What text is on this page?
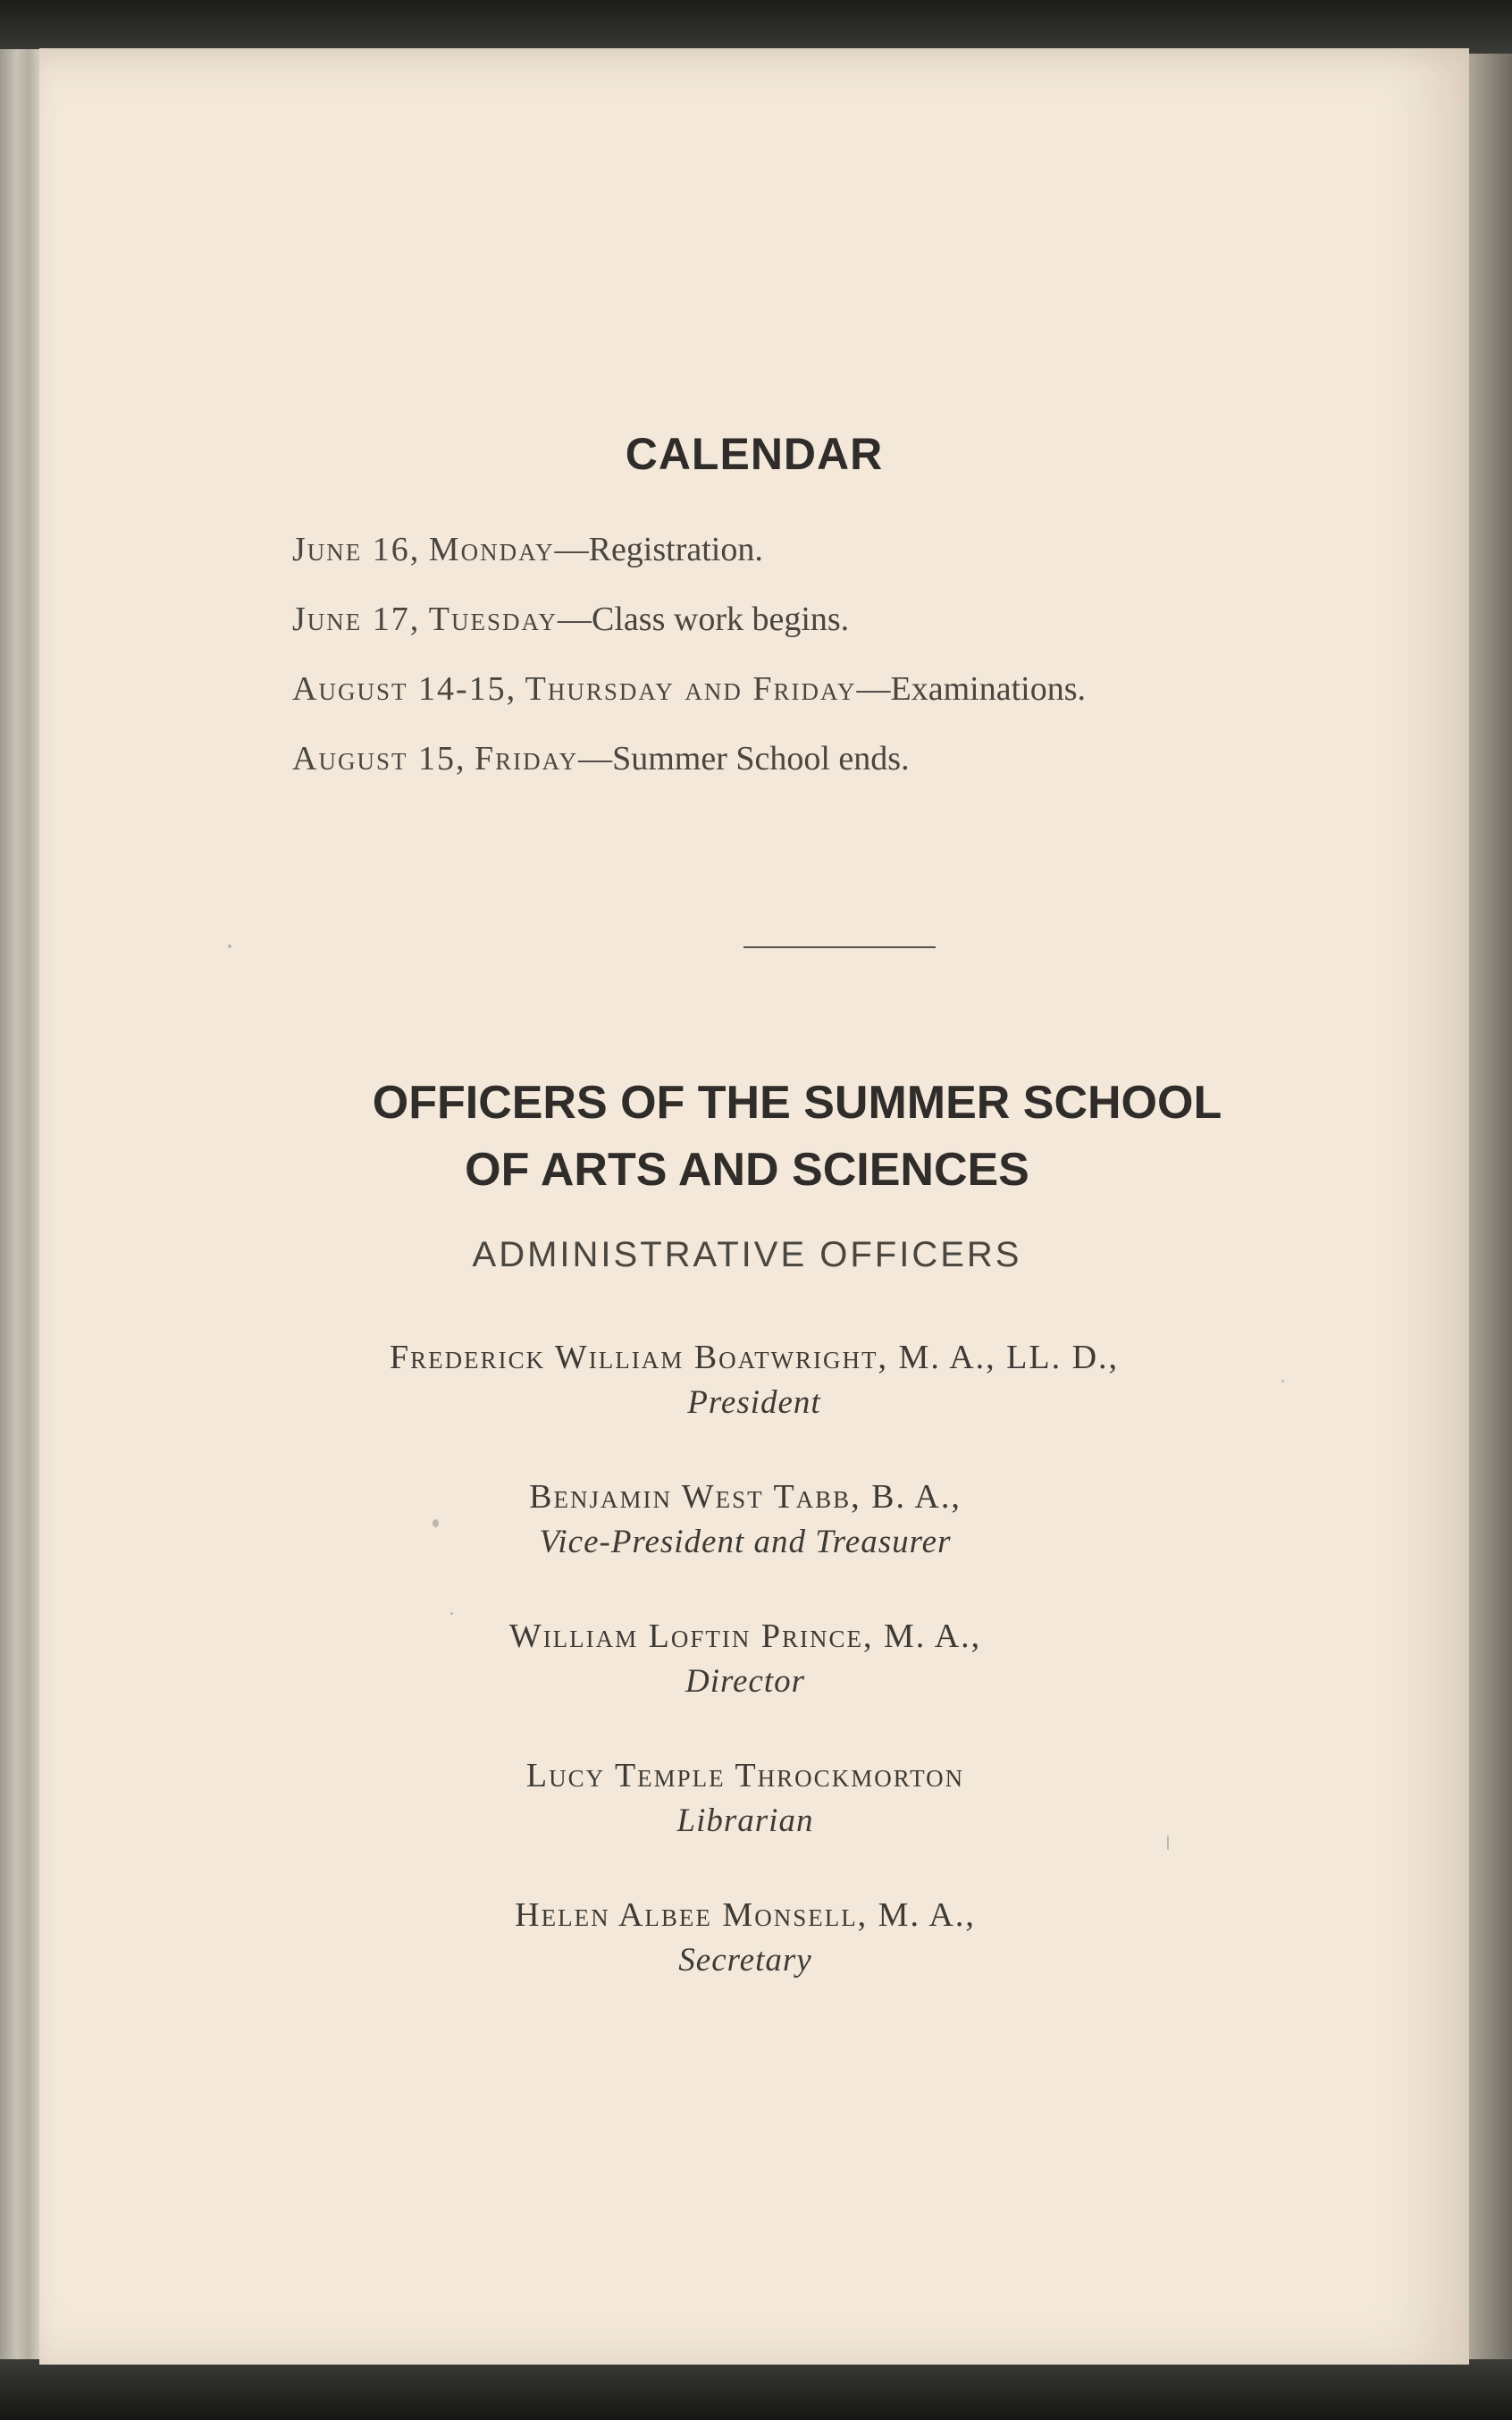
CALENDAR
June 16, Monday—Registration.
June 17, Tuesday—Class work begins.
August 14-15, Thursday and Friday—Examinations.
August 15, Friday—Summer School ends.
OFFICERS OF THE SUMMER SCHOOL
OF ARTS AND SCIENCES
ADMINISTRATIVE OFFICERS
Frederick William Boatwright, M. A., LL. D.,
President
Benjamin West Tabb, B. A.,
Vice-President and Treasurer
William Loftin Prince, M. A.,
Director
Lucy Temple Throckmorton
Librarian
Helen Albee Monsell, M. A.,
Secretary
